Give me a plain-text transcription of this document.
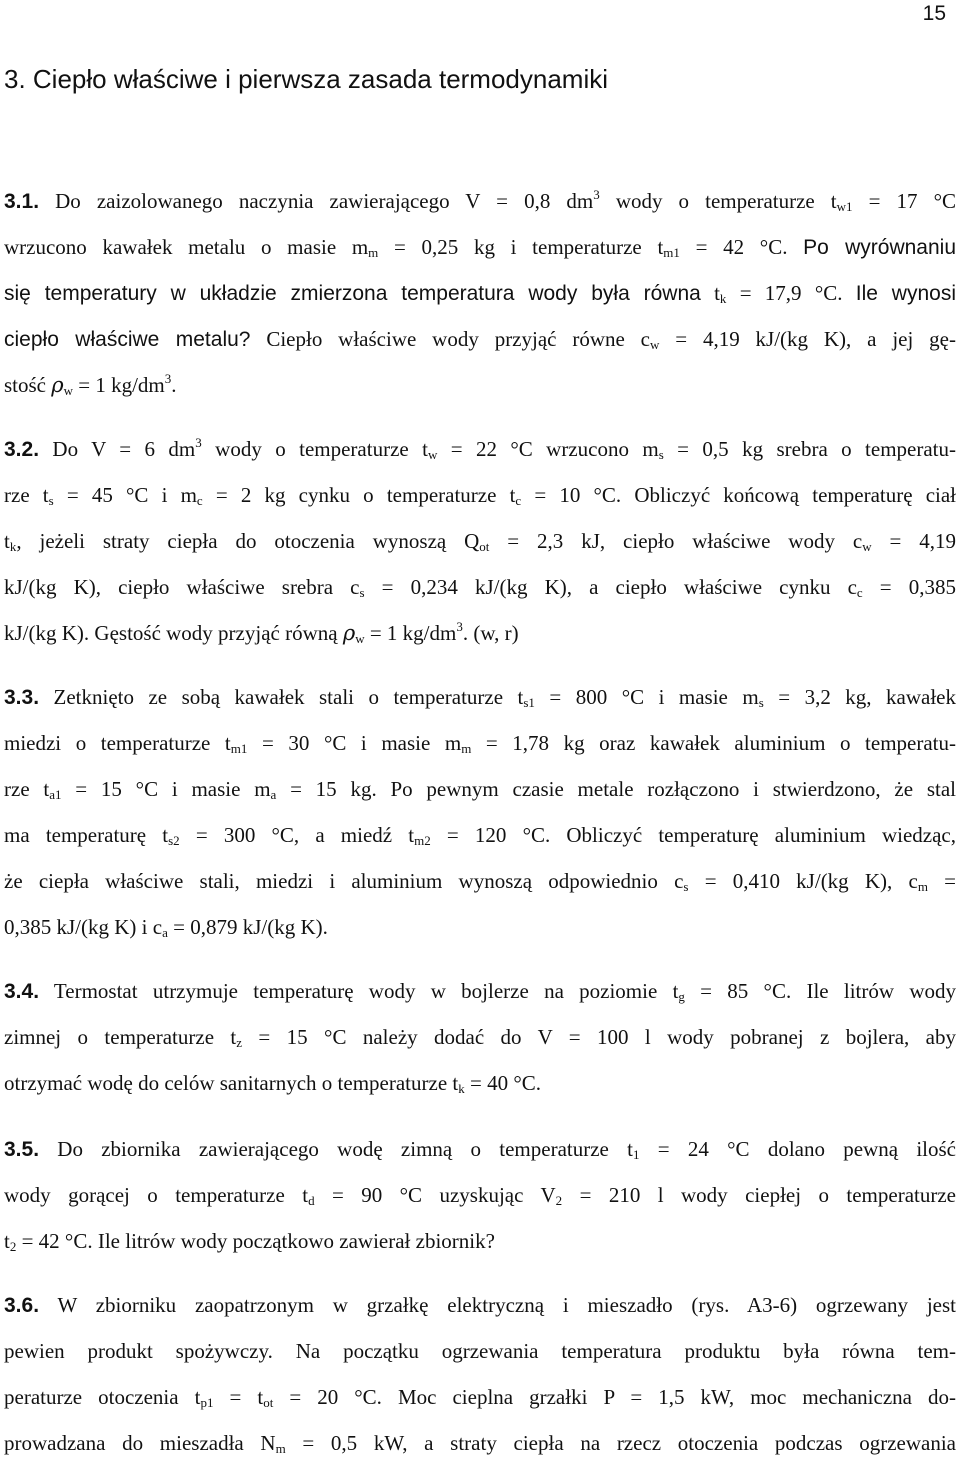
15
3. Ciepło właściwe i pierwsza zasada termodynamiki
3.1. Do zaizolowanego naczynia zawierającego V = 0,8 $dm^3$ wody o temperaturze $t_{w1} = 17$ °C
wrzucono kawałek metalu o masie $m_m = 0,25$ kg i temperaturze $t_{m1} = 42$ °C. Po wyrównaniu
się temperatury w układzie zmierzona temperatura wody była równa $t_k = 17,9$ °C. Ile wynosi
ciepło właściwe metalu? Ciepło właściwe wody przyjąć równe $c_w = 4,19$ kJ/(kg K), a jej gę-
stość $\rho_w = 1$ $kg/dm^3$.
3.2. Do V = 6 $dm^3$ wody o temperaturze $t_w = 22$ °C wrzucono $m_s = 0,5$ kg srebra o temperatu-
rze $t_s = 45$ °C i $m_c = 2$ kg cynku o temperaturze $t_c = 10$ °C. Obliczyć końcową temperaturę ciał
$t_k$, jeżeli straty ciepła do otoczenia wynoszą $Q_{ot} = 2,3$ kJ, ciepło właściwe wody $c_w = 4,19$
kJ/(kg K), ciepło właściwe srebra $c_s = 0,234$ kJ/(kg K), a ciepło właściwe cynku $c_c = 0,385$
kJ/(kg K). Gęstość wody przyjąć równą $\rho_w = 1$ $kg/dm^3$. (w, r)
3.3. Zetknięto ze sobą kawałek stali o temperaturze $t_{s1} = 800$ °C i masie $m_s = 3,2$ kg, kawałek
miedzi o temperaturze $t_{m1} = 30$ °C i masie $m_m = 1,78$ kg oraz kawałek aluminium o temperatu-
rze $t_{a1} = 15$ °C i masie $m_a = 15$ kg. Po pewnym czasie metale rozłączono i stwierdzono, że stal
ma temperaturę $t_{s2} = 300$ °C, a miedź $t_{m2} = 120$ °C. Obliczyć temperaturę aluminium wiedząc,
że ciepła właściwe stali, miedzi i aluminium wynoszą odpowiednio $c_s = 0,410$ kJ/(kg K), $c_m$ =
0,385 kJ/(kg K) i $c_a = 0,879$ kJ/(kg K).
3.4. Termostat utrzymuje temperaturę wody w bojlerze na poziomie $t_g = 85$ °C. Ile litrów wody
zimnej o temperaturze $t_z = 15$ °C należy dodać do V = 100 l wody pobranej z bojlera, aby
otrzymać wodę do celów sanitarnych o temperaturze $t_k = 40$ °C.
3.5. Do zbiornika zawierającego wodę zimną o temperaturze $t_1 = 24$ °C dolano pewną ilość
wody gorącej o temperaturze $t_d = 90$ °C uzyskując $V_2 = 210$ l wody ciepłej o temperaturze
$t_2 = 42$ °C. Ile litrów wody początkowo zawierał zbiornik?
3.6. W zbiorniku zaopatrzonym w grzałkę elektryczną i mieszadło (rys. A3-6) ogrzewany jest
pewien produkt spożywczy. Na początku ogrzewania temperatura produktu była równa tem-
peraturze otoczenia $t_{p1} = t_{ot} = 20$ °C. Moc cieplna grzałki P = 1,5 kW, moc mechaniczna do-
prowadzana do mieszadła $N_m = 0,5$ kW, a straty ciepła na rzecz otoczenia podczas ogrzewania
